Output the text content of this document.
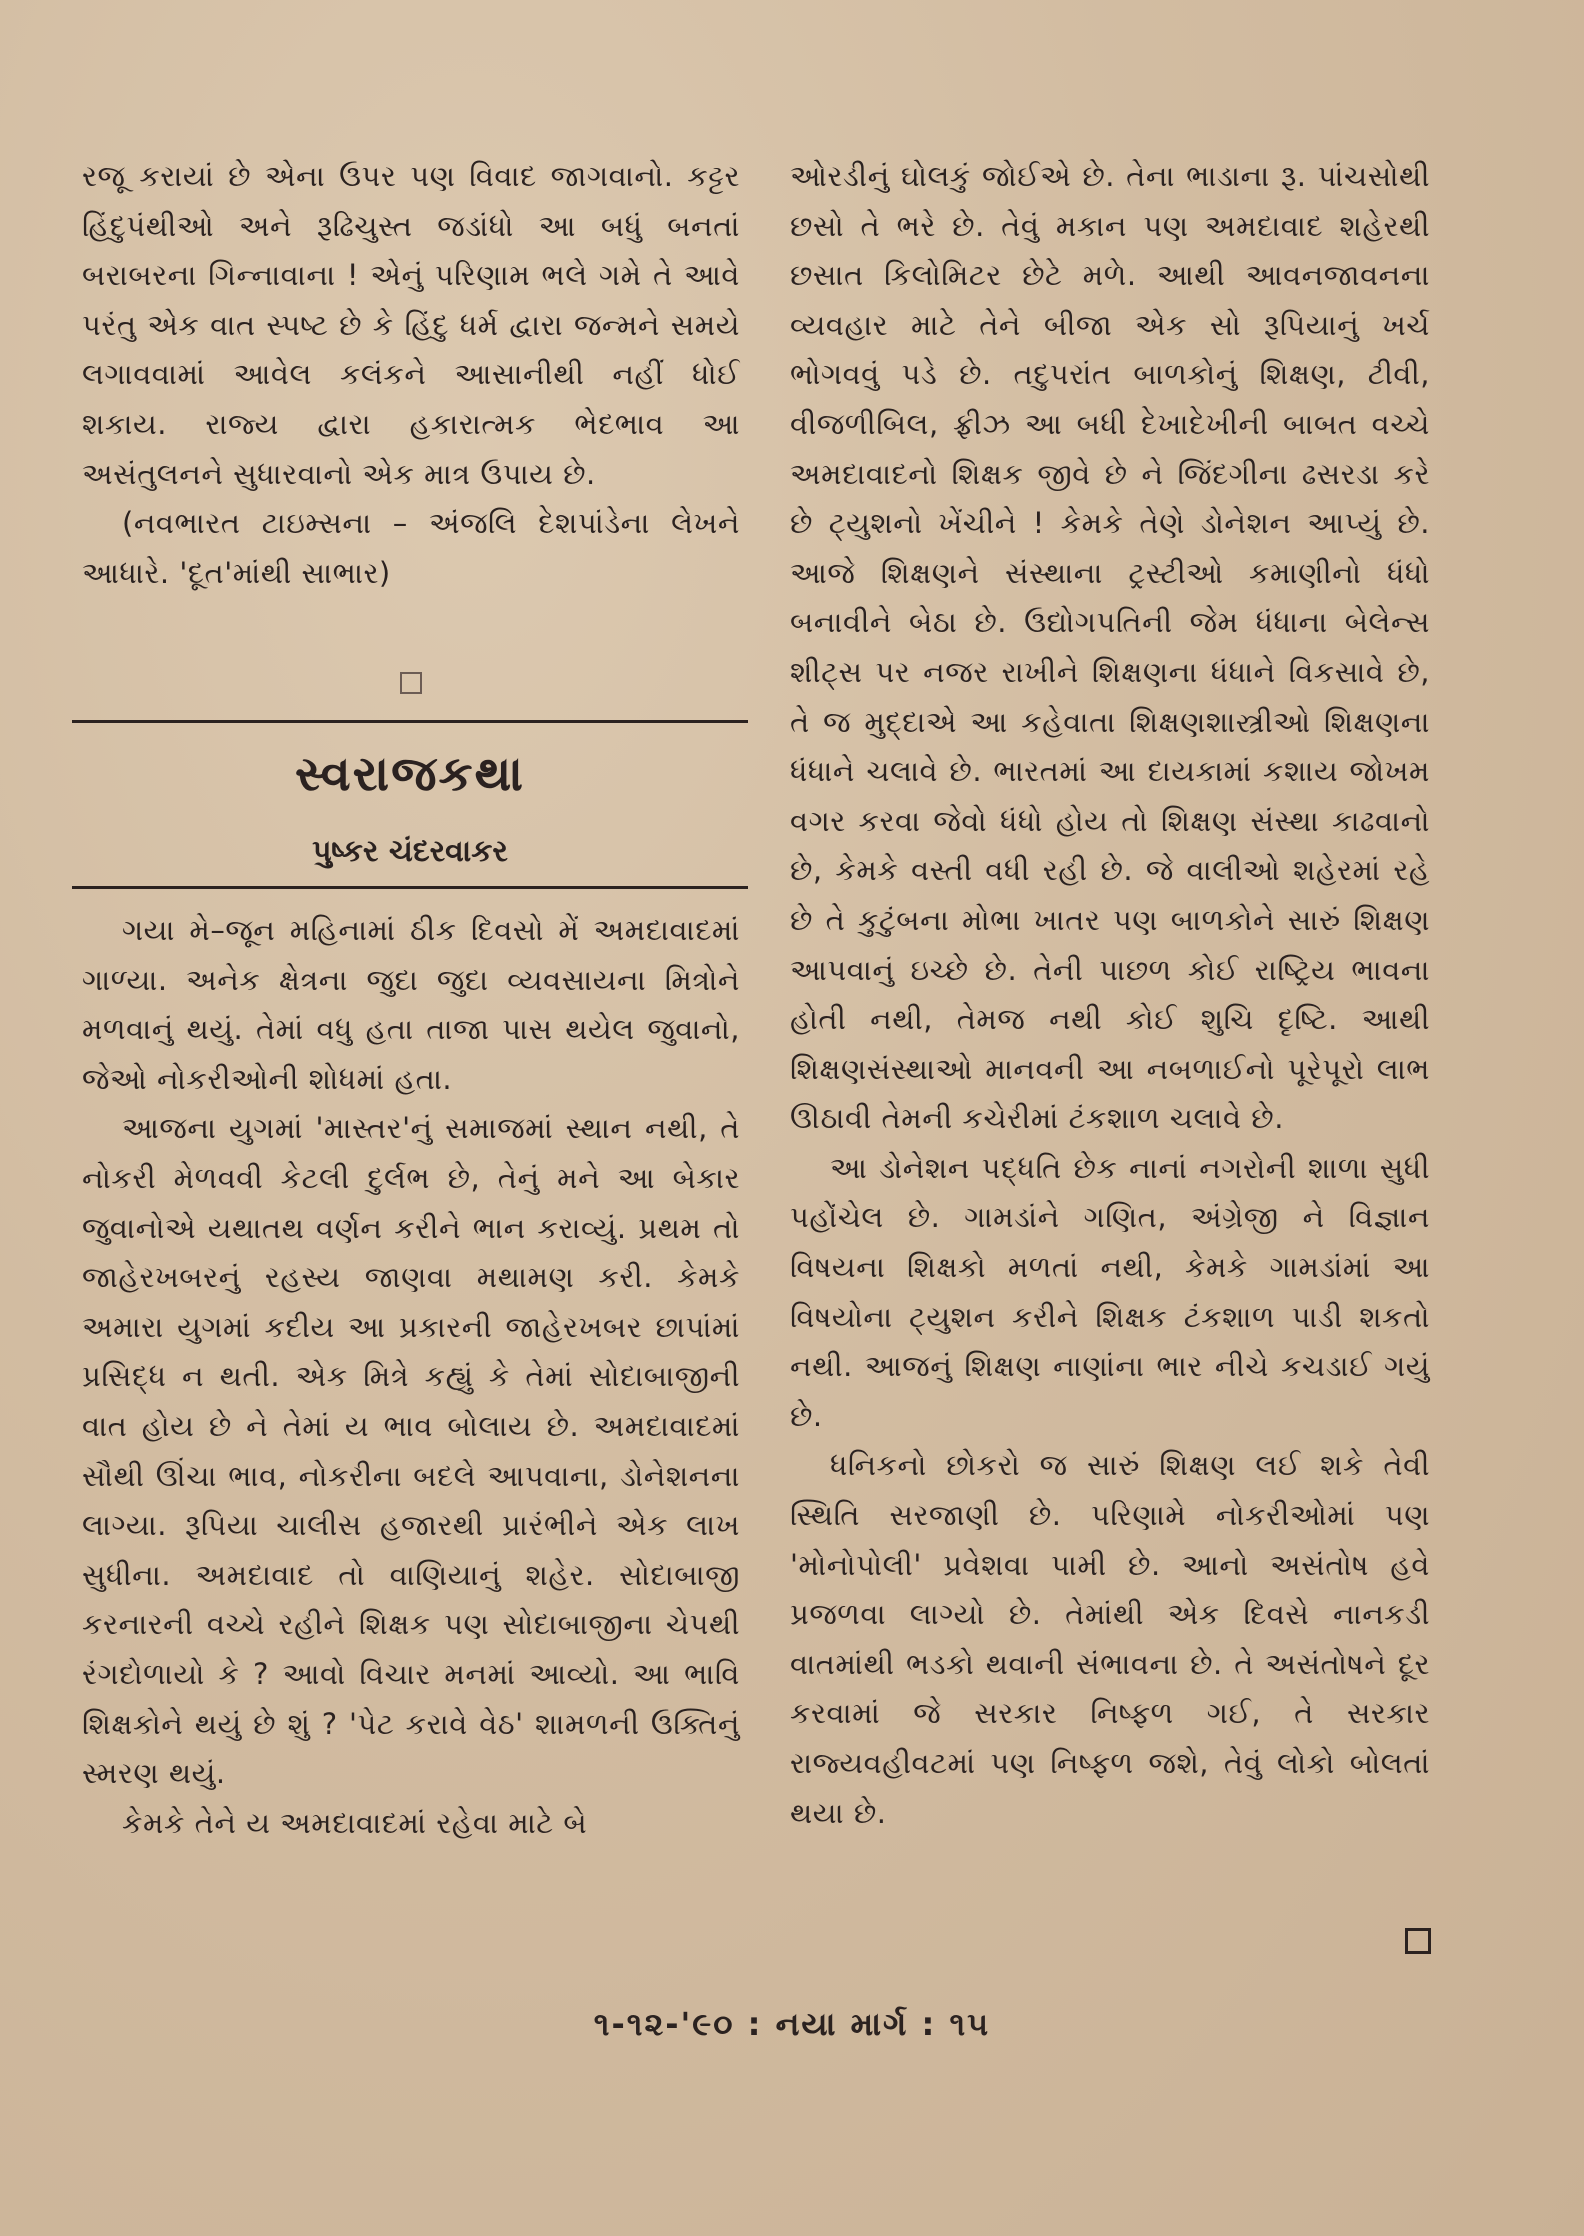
રજૂ કરાયાં છે એના ઉપર પણ વિવાદ જાગવાનો. કટ્ટર હિંદુપંથીઓ અને રૂઢિચુસ્ત જડાંધો આ બધું બનતાં બરાબરના ગિન્નાવાના ! એનું પરિણામ ભલે ગમે તે આવે પરંતુ એક વાત સ્પષ્ટ છે કે હિંદુ ધર્મ દ્વારા જન્મને સમયે લગાવવામાં આવેલ કલંકને આસાનીથી નહીં ધોઈ શકાય. રાજ્ય દ્વારા હકારાત્મક ભેદભાવ આ અસંતુલનને સુધારવાનો એક માત્ર ઉપાય છે.

(નવભારત ટાઇમ્સના – અંજલિ દેશપાંડેના લેખને આધારે. 'દૂત'માંથી સાભાર)

સ્વરાજકથા
પુષ્કર ચંદરવાકર

ગયા મે–જૂન મહિનામાં ઠીક દિવસો મેં અમદાવાદમાં ગાળ્યા. અનેક ક્ષેત્રના જુદા જુદા વ્યવસાયના મિત્રોને મળવાનું થયું. તેમાં વધુ હતા તાજા પાસ થયેલ જુવાનો, જેઓ નોકરીઓની શોધમાં હતા.

આજના યુગમાં 'માસ્તર'નું સમાજમાં સ્થાન નથી, તે નોકરી મેળવવી કેટલી દુર્લભ છે, તેનું મને આ બેકાર જુવાનોએ યથાતથ વર્ણન કરીને ભાન કરાવ્યું. પ્રથમ તો જાહેરખબરનું રહસ્ય જાણવા મથામણ કરી. કેમકે અમારા યુગમાં કદીય આ પ્રકારની જાહેરખબર છાપાંમાં પ્રસિદ્ધ ન થતી. એક મિત્રે કહ્યું કે તેમાં સોદાબાજીની વાત હોય છે ને તેમાં ય ભાવ બોલાય છે. અમદાવાદમાં સૌથી ઊંચા ભાવ, નોકરીના બદલે આપવાના, ડોનેશનના લાગ્યા. રૂપિયા ચાલીસ હજારથી પ્રારંભીને એક લાખ સુધીના. અમદાવાદ તો વાણિયાનું શહેર. સોદાબાજી કરનારની વચ્ચે રહીને શિક્ષક પણ સોદાબાજીના ચેપથી રંગદોળાયો કે ? આવો વિચાર મનમાં આવ્યો. આ ભાવિ શિક્ષકોને થયું છે શું ? 'પેટ કરાવે વેઠ' શામળની ઉક્તિનું સ્મરણ થયું.

કેમકે તેને ય અમદાવાદમાં રહેવા માટે બે

ઓરડીનું ઘોલકું જોઈએ છે. તેના ભાડાના રૂ. પાંચસોથી છસો તે ભરે છે. તેવું મકાન પણ અમદાવાદ શહેરથી છસાત કિલોમિટર છેટે મળે. આથી આવનજાવનના વ્યવહાર માટે તેને બીજા એક સો રૂપિયાનું ખર્ચ ભોગવવું પડે છે. તદુપરાંત બાળકોનું શિક્ષણ, ટીવી, વીજળીબિલ, ફ્રીઝ આ બધી દેખાદેખીની બાબત વચ્ચે અમદાવાદનો શિક્ષક જીવે છે ને જિંદગીના ઢસરડા કરે છે ટ્યુશનો ખેંચીને ! કેમકે તેણે ડોનેશન આપ્યું છે. આજે શિક્ષણને સંસ્થાના ટ્રસ્ટીઓ કમાણીનો ધંધો બનાવીને બેઠા છે. ઉદ્યોગપતિની જેમ ધંધાના બેલેન્સ શીટ્સ પર નજર રાખીને શિક્ષણના ધંધાને વિકસાવે છે, તે જ મુદ્દાએ આ કહેવાતા શિક્ષણશાસ્ત્રીઓ શિક્ષણના ધંધાને ચલાવે છે. ભારતમાં આ દાયકામાં કશાય જોખમ વગર કરવા જેવો ધંધો હોય તો શિક્ષણ સંસ્થા કાઢવાનો છે, કેમકે વસ્તી વધી રહી છે. જે વાલીઓ શહેરમાં રહે છે તે કુટુંબના મોભા ખાતર પણ બાળકોને સારું શિક્ષણ આપવાનું ઇચ્છે છે. તેની પાછળ કોઈ રાષ્ટ્રિય ભાવના હોતી નથી, તેમજ નથી કોઈ શુચિ દૃષ્ટિ. આથી શિક્ષણસંસ્થાઓ માનવની આ નબળાઈનો પૂરેપૂરો લાભ ઊઠાવી તેમની કચેરીમાં ટંકશાળ ચલાવે છે.

આ ડોનેશન પદ્ધતિ છેક નાનાં નગરોની શાળા સુધી પહોંચેલ છે. ગામડાંને ગણિત, અંગ્રેજી ને વિજ્ઞાન વિષયના શિક્ષકો મળતાં નથી, કેમકે ગામડાંમાં આ વિષયોના ટ્યુશન કરીને શિક્ષક ટંકશાળ પાડી શકતો નથી. આજનું શિક્ષણ નાણાંના ભાર નીચે કચડાઈ ગયું છે.

ધનિકનો છોકરો જ સારું શિક્ષણ લઈ શકે તેવી સ્થિતિ સરજાણી છે. પરિણામે નોકરીઓમાં પણ 'મોનોપોલી' પ્રવેશવા પામી છે. આનો અસંતોષ હવે પ્રજળવા લાગ્યો છે. તેમાંથી એક દિવસે નાનકડી વાતમાંથી ભડકો થવાની સંભાવના છે. તે અસંતોષને દૂર કરવામાં જે સરકાર નિષ્ફળ ગઈ, તે સરકાર રાજ્યવહીવટમાં પણ નિષ્ફળ જશે, તેવું લોકો બોલતાં થયા છે.

૧-૧૨-'૯૦ : નયા માર્ગ : ૧૫
